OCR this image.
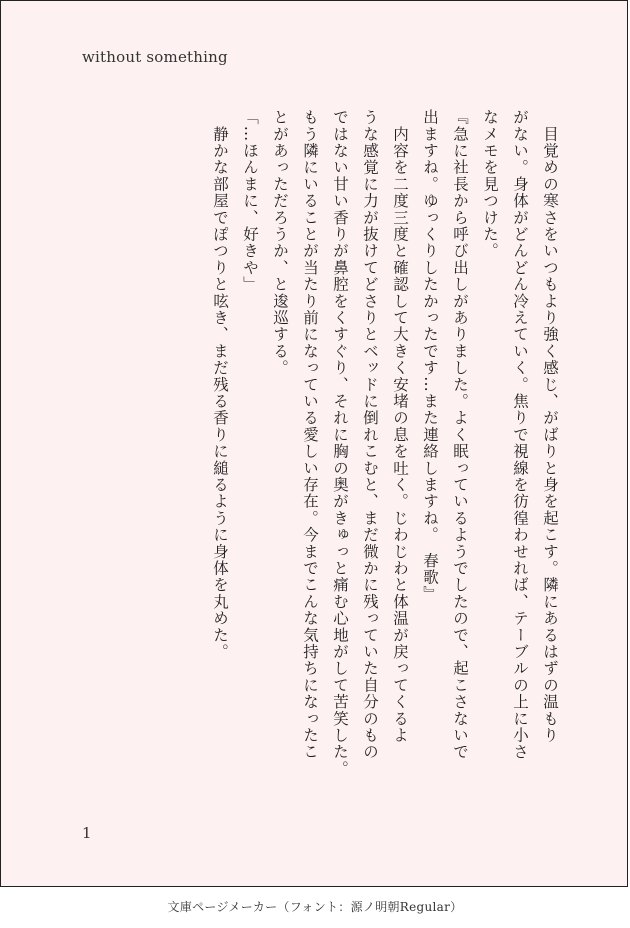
without something

　目覚めの寒さをいつもより強く感じ、がばりと身を起こす。隣にあるはずの温もり

がない。身体がどんどん冷えていく。焦りで視線を彷徨わせれば、テーブルの上に小さ

なメモを見つけた。

『急に社長から呼び出しがありました。よく眠っているようでしたので、起こさないで

出ますね。ゆっくりしたかったです…また連絡しますね。　春歌』

　内容を二度三度と確認して大きく安堵の息を吐く。じわじわと体温が戻ってくるよ

うな感覚に力が抜けてどさりとベッドに倒れこむと、まだ微かに残っていた自分のもの

ではない甘い香りが鼻腔をくすぐり、それに胸の奥がきゅっと痛む心地がして苦笑した。

もう隣にいることが当たり前になっている愛しい存在。今までこんな気持ちになったこ

とがあっただろうか、と逡巡する。

「…ほんまに、好きや」

　静かな部屋でぽつりと呟き、まだ残る香りに縋るように身体を丸めた。

1
文庫ページメーカー（フォント：源ノ明朝Regular）
